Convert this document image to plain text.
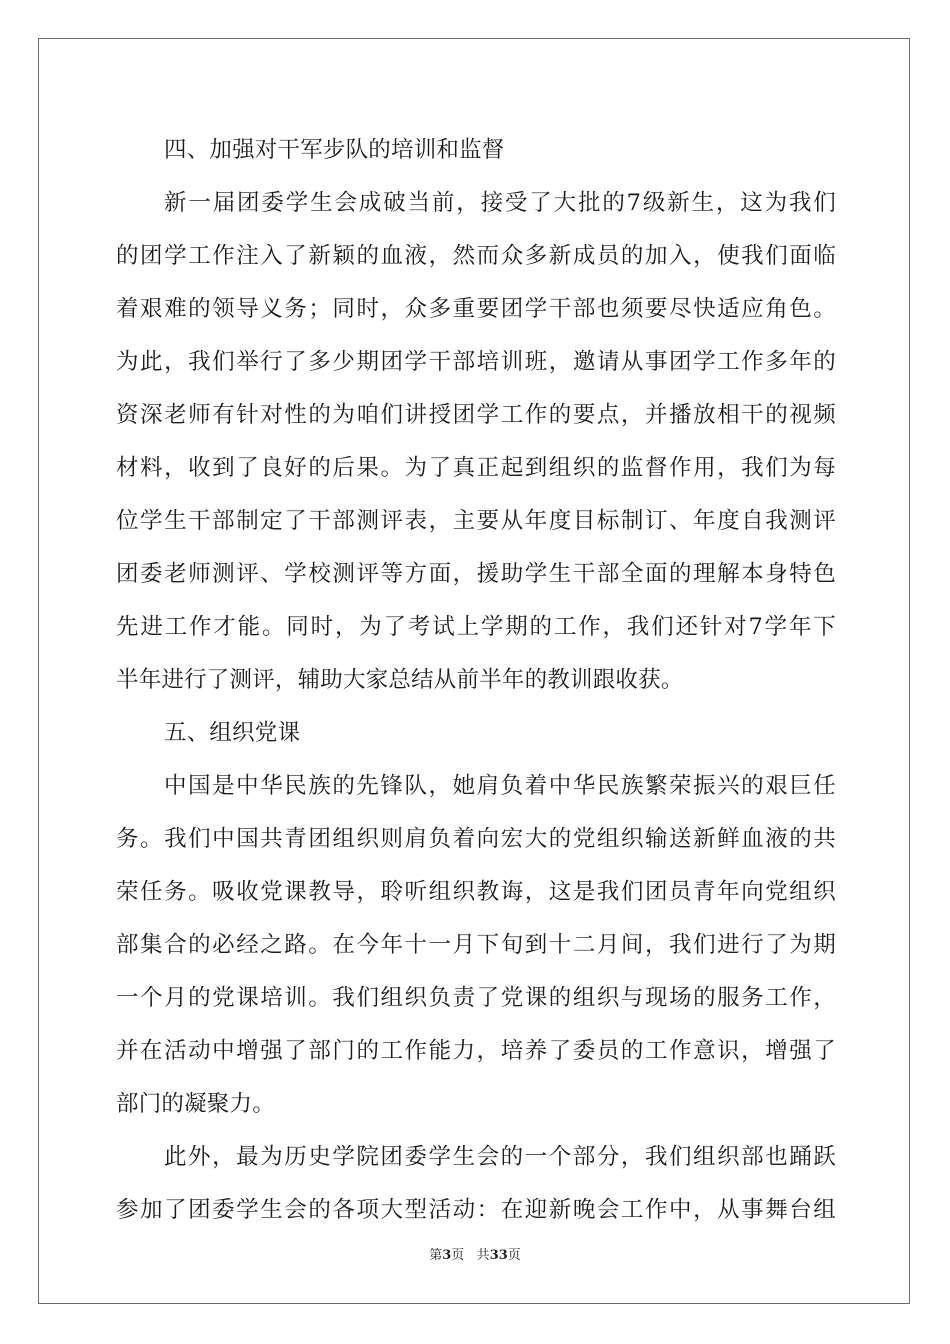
四、加强对干军步队的培训和监督
新一届团委学生会成破当前，接受了大批的7级新生，这为我们
的团学工作注入了新颖的血液，然而众多新成员的加入，使我们面临
着艰难的领导义务；同时，众多重要团学干部也须要尽快适应角色。
为此，我们举行了多少期团学干部培训班，邀请从事团学工作多年的
资深老师有针对性的为咱们讲授团学工作的要点，并播放相干的视频
材料，收到了良好的后果。为了真正起到组织的监督作用，我们为每
位学生干部制定了干部测评表，主要从年度目标制订、年度自我测评
团委老师测评、学校测评等方面，援助学生干部全面的理解本身特色
先进工作才能。同时，为了考试上学期的工作，我们还针对7学年下
半年进行了测评，辅助大家总结从前半年的教训跟收获。
五、组织党课
中国是中华民族的先锋队，她肩负着中华民族繁荣振兴的艰巨任
务。我们中国共青团组织则肩负着向宏大的党组织输送新鲜血液的共
荣任务。吸收党课教导，聆听组织教诲，这是我们团员青年向党组织
部集合的必经之路。在今年十一月下旬到十二月间，我们进行了为期
一个月的党课培训。我们组织负责了党课的组织与现场的服务工作，
并在活动中增强了部门的工作能力，培养了委员的工作意识，增强了
部门的凝聚力。
此外，最为历史学院团委学生会的一个部分，我们组织部也踊跃
参加了团委学生会的各项大型活动：在迎新晚会工作中，从事舞台组
第3页 共33页
